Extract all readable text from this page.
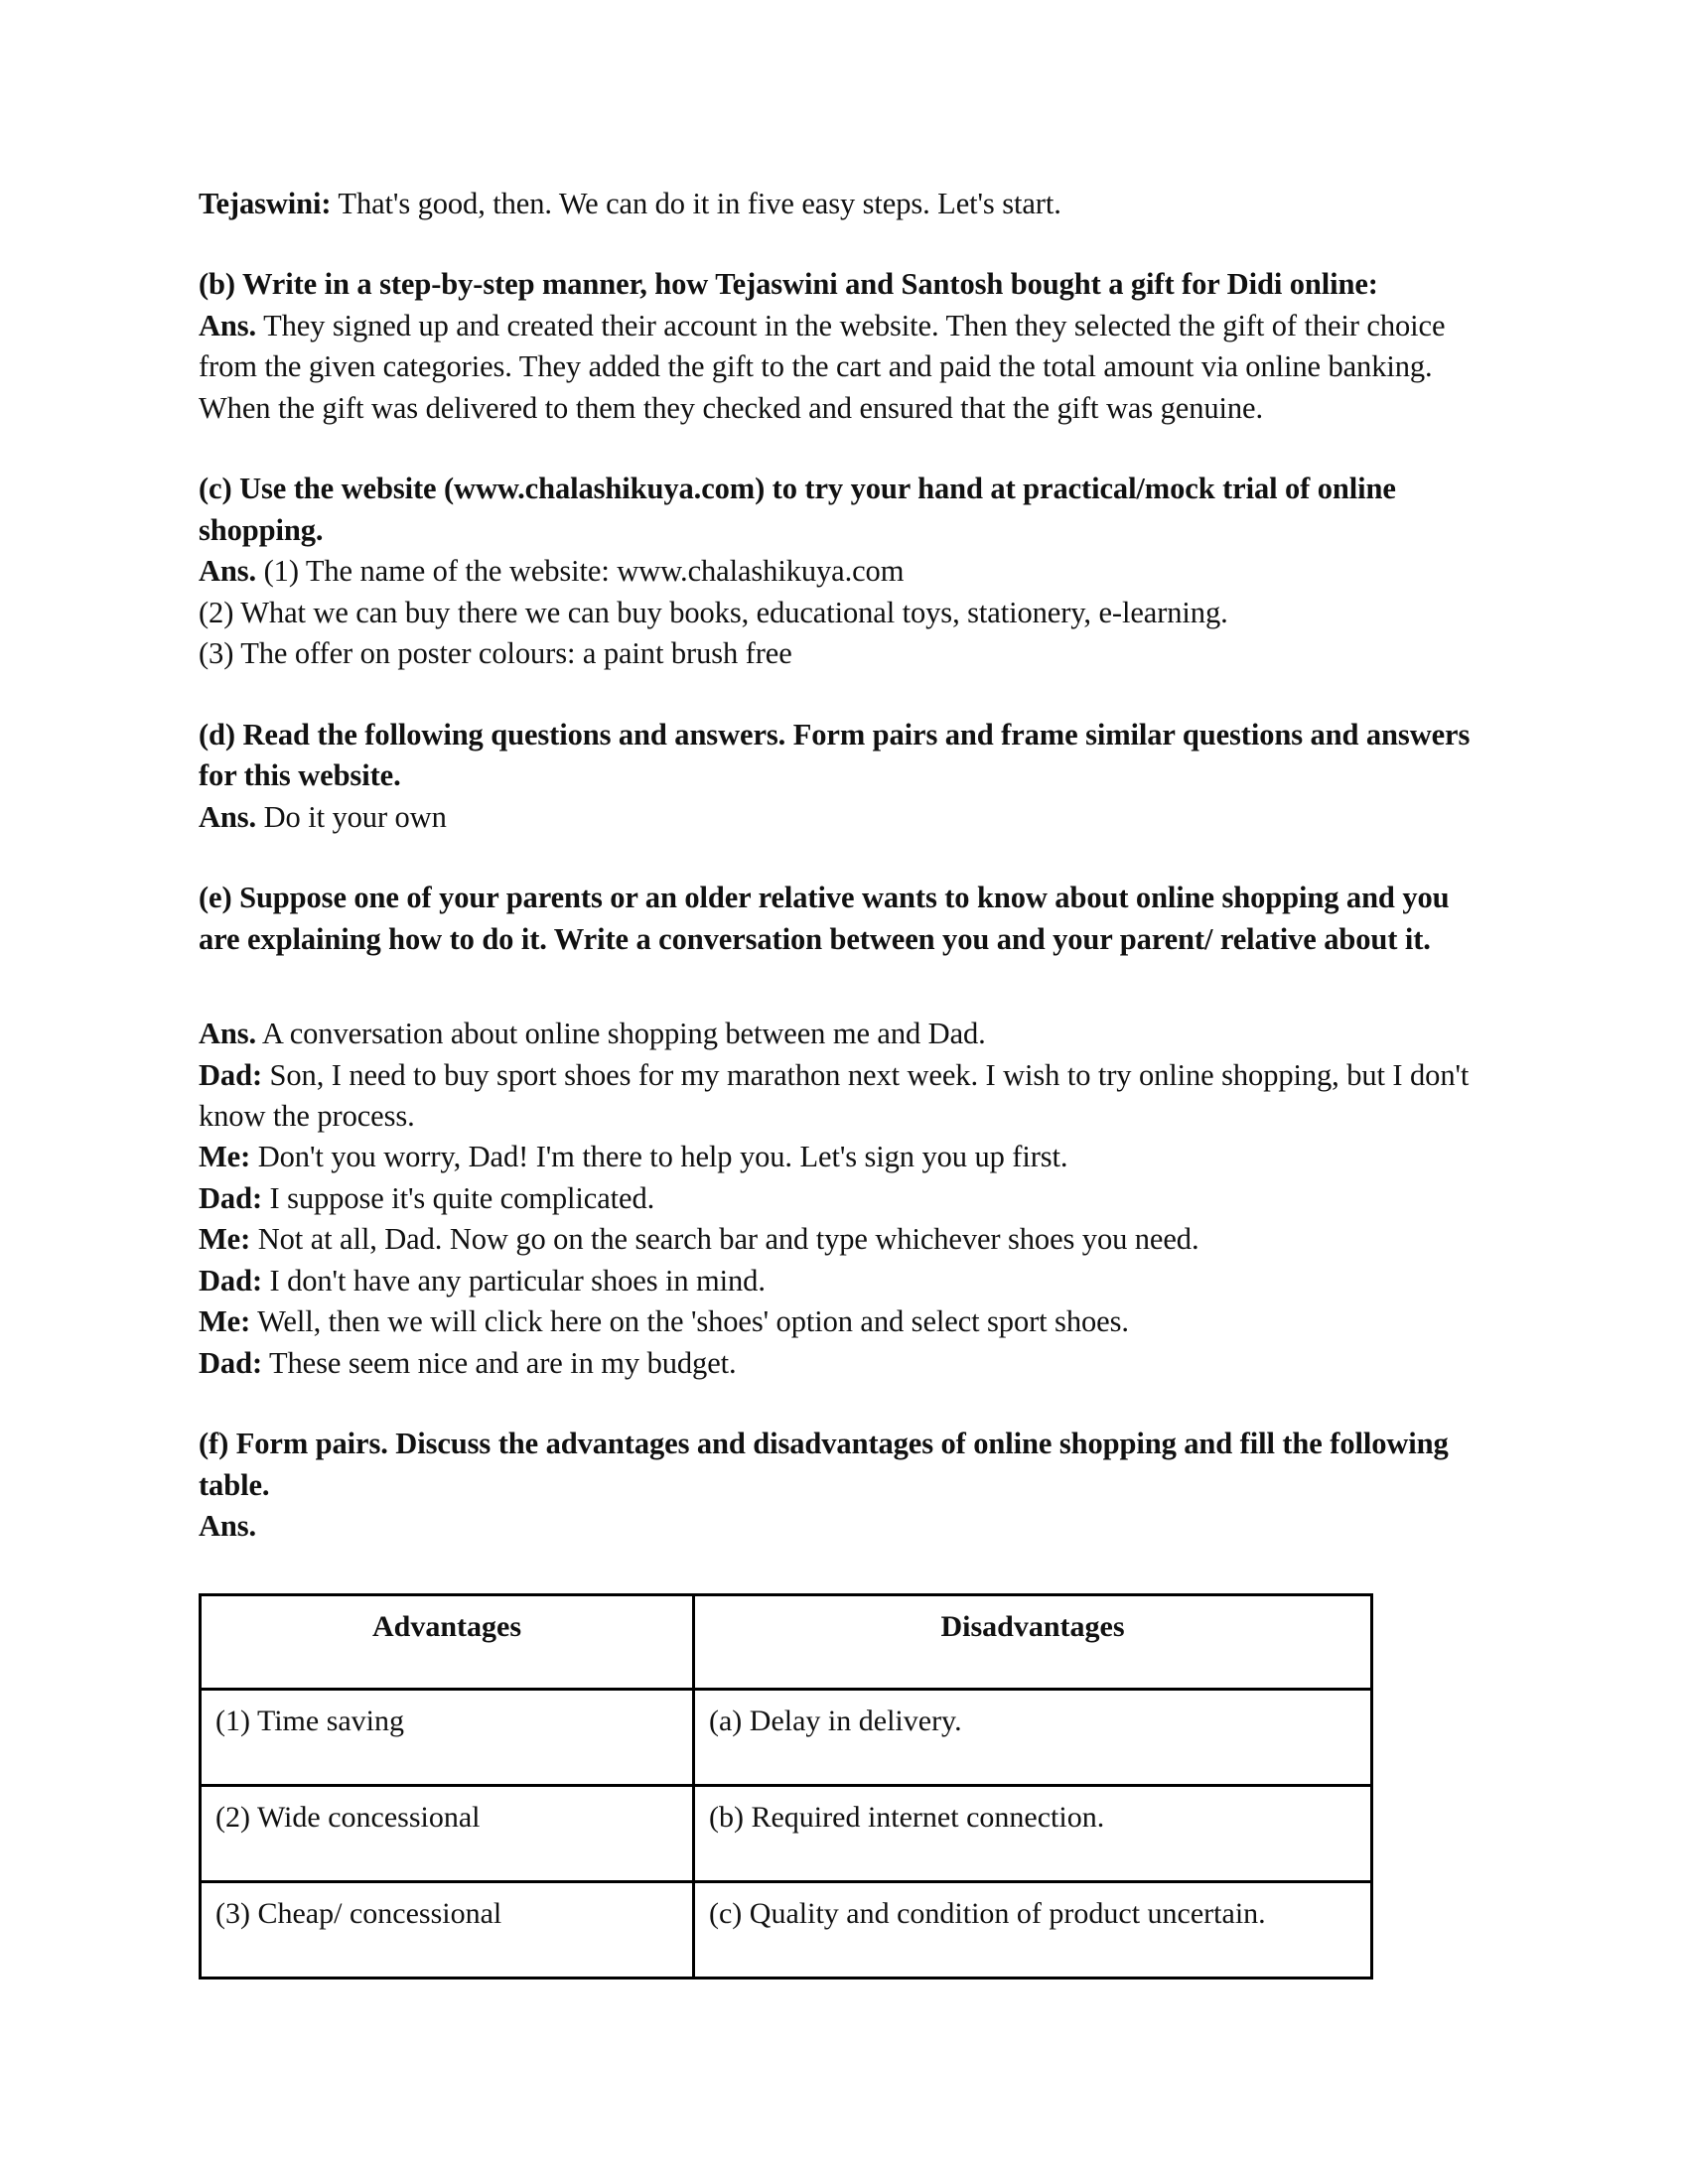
Tejaswini: That's good, then. We can do it in five easy steps. Let's start.

(b) Write in a step-by-step manner, how Tejaswini and Santosh bought a gift for Didi online:

Ans. They signed up and created their account in the website. Then they selected the gift of their choice from the given categories. They added the gift to the cart and paid the total amount via online banking. When the gift was delivered to them they checked and ensured that the gift was genuine.

(c) Use the website (www.chalashikuya.com) to try your hand at practical/mock trial of online shopping.

Ans. (1) The name of the website: www.chalashikuya.com

(2) What we can buy there we can buy books, educational toys, stationery, e-learning.

(3) The offer on poster colours: a paint brush free

(d) Read the following questions and answers. Form pairs and frame similar questions and answers for this website.

Ans. Do it your own

(e) Suppose one of your parents or an older relative wants to know about online shopping and you are explaining how to do it. Write a conversation between you and your parent/ relative about it.

Ans. A conversation about online shopping between me and Dad.

Dad: Son, I need to buy sport shoes for my marathon next week. I wish to try online shopping, but I don't know the process.

Me: Don't you worry, Dad! I'm there to help you. Let's sign you up first.

Dad: I suppose it's quite complicated.

Me: Not at all, Dad. Now go on the search bar and type whichever shoes you need.

Dad: I don't have any particular shoes in mind.

Me: Well, then we will click here on the 'shoes' option and select sport shoes.

Dad: These seem nice and are in my budget.

(f) Form pairs. Discuss the advantages and disadvantages of online shopping and fill the following table.

Ans.

Advantages	Disadvantages
(1) Time saving	(a) Delay in delivery.
(2) Wide concessional	(b) Required internet connection.
(3) Cheap/ concessional	(c) Quality and condition of product uncertain.
